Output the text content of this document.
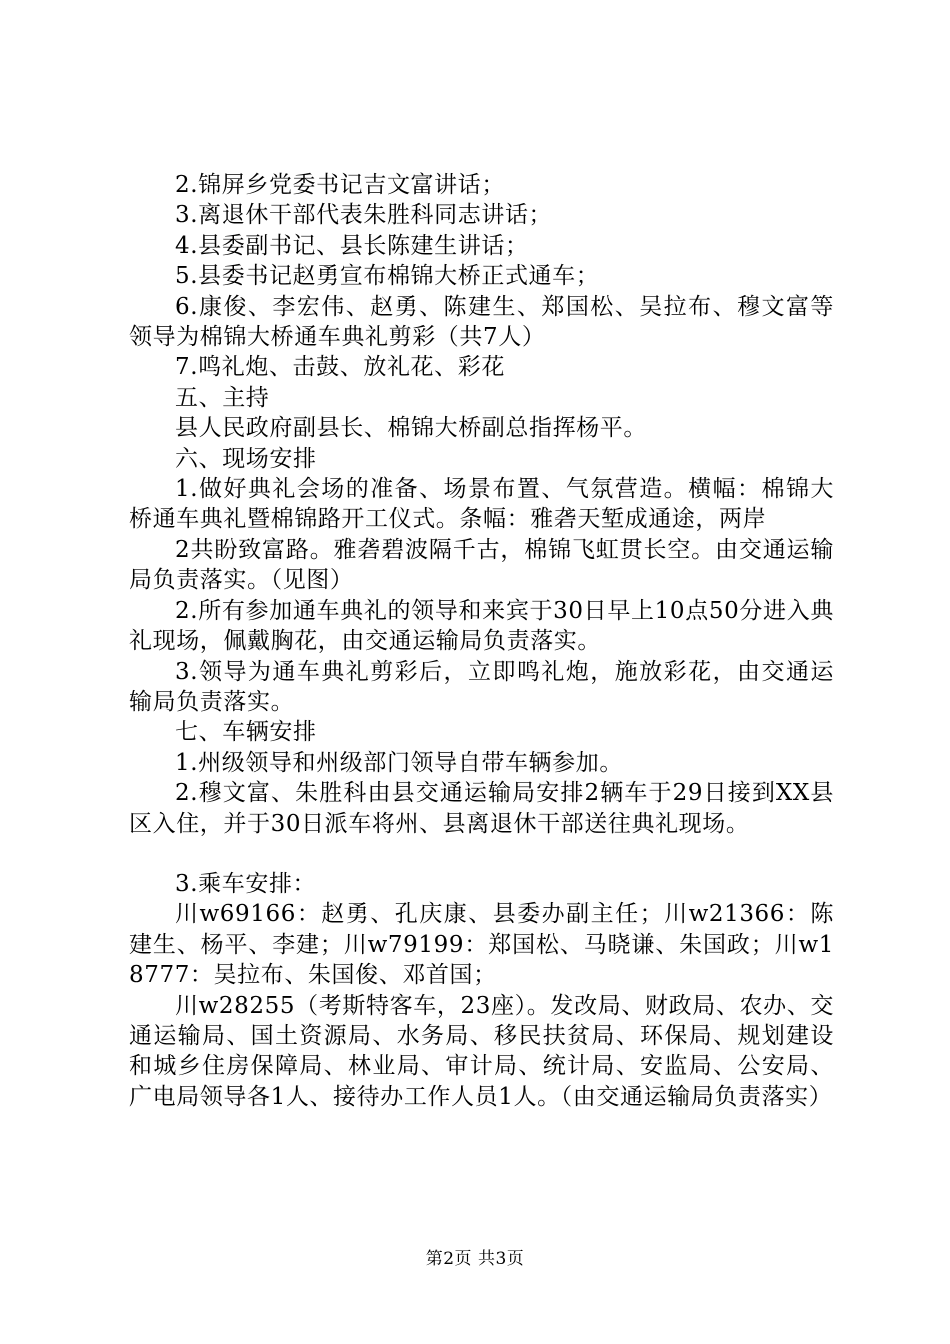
2.锦屏乡党委书记吉文富讲话；

3.离退休干部代表朱胜科同志讲话；

4.县委副书记、县长陈建生讲话；

5.县委书记赵勇宣布棉锦大桥正式通车；

6.康俊、李宏伟、赵勇、陈建生、郑国松、吴拉布、穆文富等领导为棉锦大桥通车典礼剪彩（共7人）

7.鸣礼炮、击鼓、放礼花、彩花

五、主持

县人民政府副县长、棉锦大桥副总指挥杨平。

六、现场安排

1.做好典礼会场的准备、场景布置、气氛营造。横幅：棉锦大桥通车典礼暨棉锦路开工仪式。条幅：雅砻天堑成通途，两岸

2共盼致富路。雅砻碧波隔千古，棉锦飞虹贯长空。由交通运输局负责落实。（见图）

2.所有参加通车典礼的领导和来宾于30日早上10点50分进入典礼现场，佩戴胸花，由交通运输局负责落实。

3.领导为通车典礼剪彩后，立即鸣礼炮，施放彩花，由交通运输局负责落实。

七、车辆安排

1.州级领导和州级部门领导自带车辆参加。

2.穆文富、朱胜科由县交通运输局安排2辆车于29日接到XX县区入住，并于30日派车将州、县离退休干部送往典礼现场。

3.乘车安排：

川w69166：赵勇、孔庆康、县委办副主任；川w21366：陈建生、杨平、李建；川w79199：郑国松、马晓谦、朱国政；川w18777：吴拉布、朱国俊、邓首国；

川w28255（考斯特客车，23座）。发改局、财政局、农办、交通运输局、国土资源局、水务局、移民扶贫局、环保局、规划建设和城乡住房保障局、林业局、审计局、统计局、安监局、公安局、广电局领导各1人、接待办工作人员1人。（由交通运输局负责落实）

第2页 共3页
